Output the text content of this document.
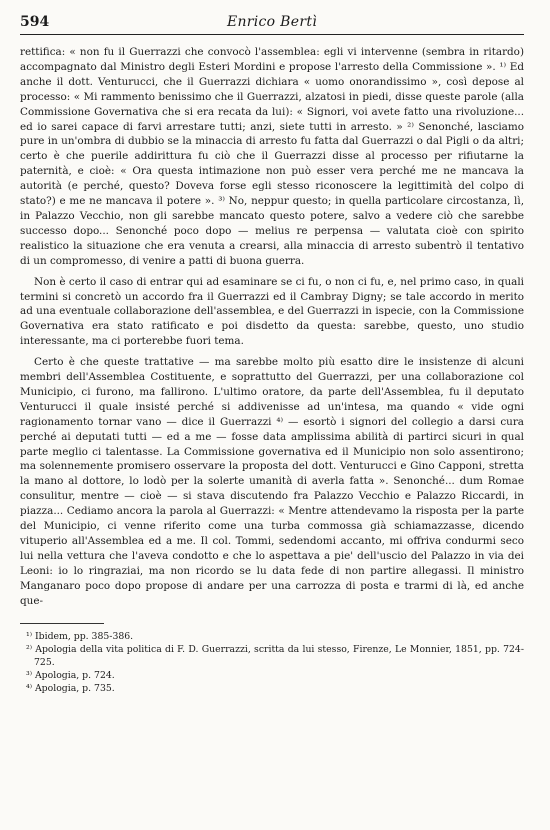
594	Enrico Bertì

rettifica: « non fu il Guerrazzi che convocò l'assemblea: egli vi intervenne (sembra in ritardo) accompagnato dal Ministro degli Esteri Mordini e propose l'arresto della Commissione ». ¹⁾ Ed anche il dott. Venturucci, che il Guerrazzi dichiara « uomo onorandissimo », così depose al processo: « Mi rammento benissimo che il Guerrazzi, alzatosi in piedi, disse queste parole (alla Commissione Governativa che si era recata da lui): « Signori, voi avete fatto una rivoluzione... ed io sarei capace di farvi arrestare tutti; anzi, siete tutti in arresto. » ²⁾ Senonché, lasciamo pure in un'ombra di dubbio se la minaccia di arresto fu fatta dal Guerrazzi o dal Pigli o da altri; certo è che puerile addirittura fu ciò che il Guerrazzi disse al processo per rifiutarne la paternità, e cioè: « Ora questa intimazione non può esser vera perché me ne mancava la autorità (e perché, questo? Doveva forse egli stesso riconoscere la legittimità del colpo di stato?) e me ne mancava il potere ». ³⁾ No, neppur questo; in quella particolare circostanza, lì, in Palazzo Vecchio, non gli sarebbe mancato questo potere, salvo a vedere ciò che sarebbe successo dopo... Senonché poco dopo — melius re perpensa — valutata cioè con spirito realistico la situazione che era venuta a crearsi, alla minaccia di arresto subentrò il tentativo di un compromesso, di venire a patti di buona guerra.

Non è certo il caso di entrar qui ad esaminare se ci fu, o non ci fu, e, nel primo caso, in quali termini si concretò un accordo fra il Guerrazzi ed il Cambray Digny; se tale accordo in merito ad una eventuale collaborazione dell'assemblea, e del Guerrazzi in ispecie, con la Commissione Governativa era stato ratificato e poi disdetto da questa: sarebbe, questo, uno studio interessante, ma ci porterebbe fuori tema.

Certo è che queste trattative — ma sarebbe molto più esatto dire le insistenze di alcuni membri dell'Assemblea Costituente, e soprattutto del Guerrazzi, per una collaborazione col Municipio, ci furono, ma fallirono. L'ultimo oratore, da parte dell'Assemblea, fu il deputato Venturucci il quale insisté perché si addivenisse ad un'intesa, ma quando « vide ogni ragionamento tornar vano — dice il Guerrazzi ⁴⁾ — esortò i signori del collegio a darsi cura perché ai deputati tutti — ed a me — fosse data amplissima abilità di partirci sicuri in qual parte meglio ci talentasse. La Commissione governativa ed il Municipio non solo assentirono; ma solennemente promisero osservare la proposta del dott. Venturucci e Gino Capponi, stretta la mano al dottore, lo lodò per la solerte umanità di averla fatta ». Senonché... dum Romae consulitur, mentre — cioè — si stava discutendo fra Palazzo Vecchio e Palazzo Riccardi, in piazza... Cediamo ancora la parola al Guerrazzi: « Mentre attendevamo la risposta per la parte del Municipio, ci venne riferito come una turba commossa già schiamazzasse, dicendo vituperio all'Assemblea ed a me. Il col. Tommi, sedendomi accanto, mi offriva condurmi seco lui nella vettura che l'aveva condotto e che lo aspettava a pie' dell'uscio del Palazzo in via dei Leoni: io lo ringraziai, ma non ricordo se lu data fede di non partire allegassi. Il ministro Manganaro poco dopo propose di andare per una carrozza di posta e trarmi di là, ed anche que-

¹⁾ Ibidem, pp. 385-386.

²⁾ Apologia della vita politica di F. D. Guerrazzi, scritta da lui stesso, Firenze, Le Monnier, 1851, pp. 724-725.

³⁾ Apologia, p. 724.

⁴⁾ Apologia, p. 735.
